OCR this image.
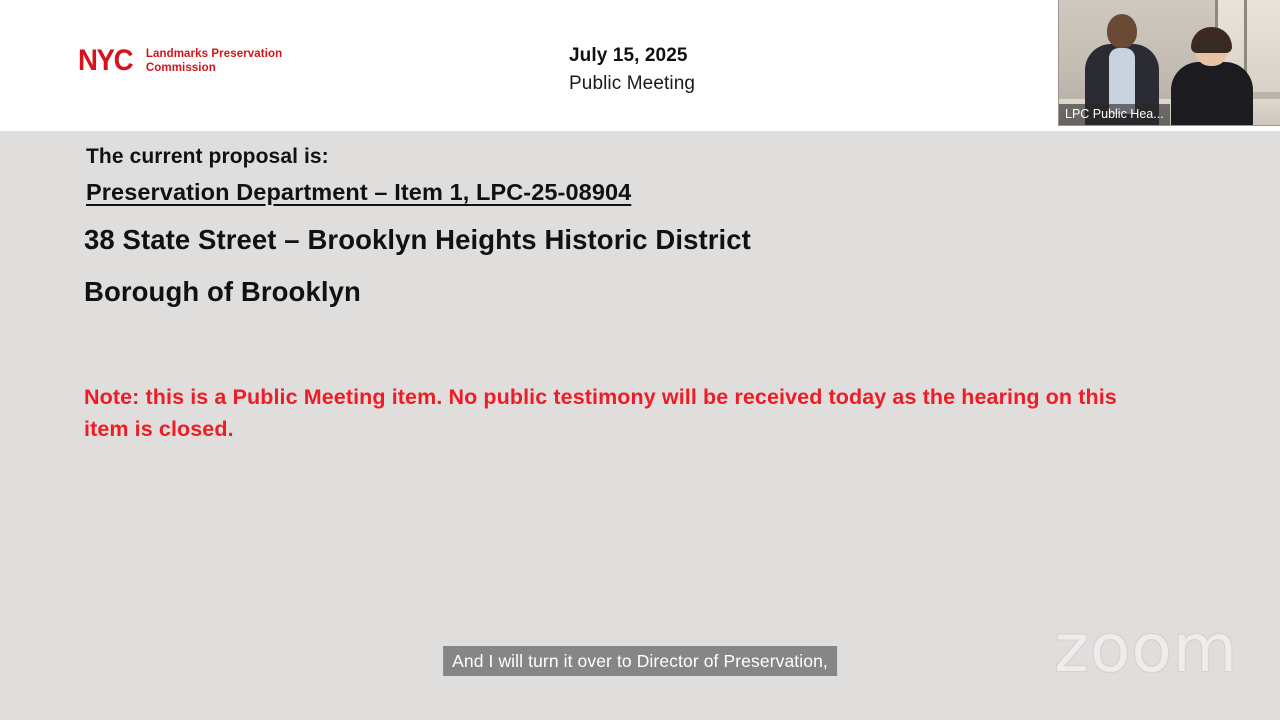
NYC Landmarks Preservation
Commission
July 15, 2025
Public Meeting
The current proposal is:
Preservation Department – Item 1, LPC-25-08904
38 State Street – Brooklyn Heights Historic District
Borough of Brooklyn
Note: this is a Public Meeting item. No public testimony will be received today as the hearing on this item is closed.
zoom
And I will turn it over to Director of Preservation,
LPC Public Hea...
